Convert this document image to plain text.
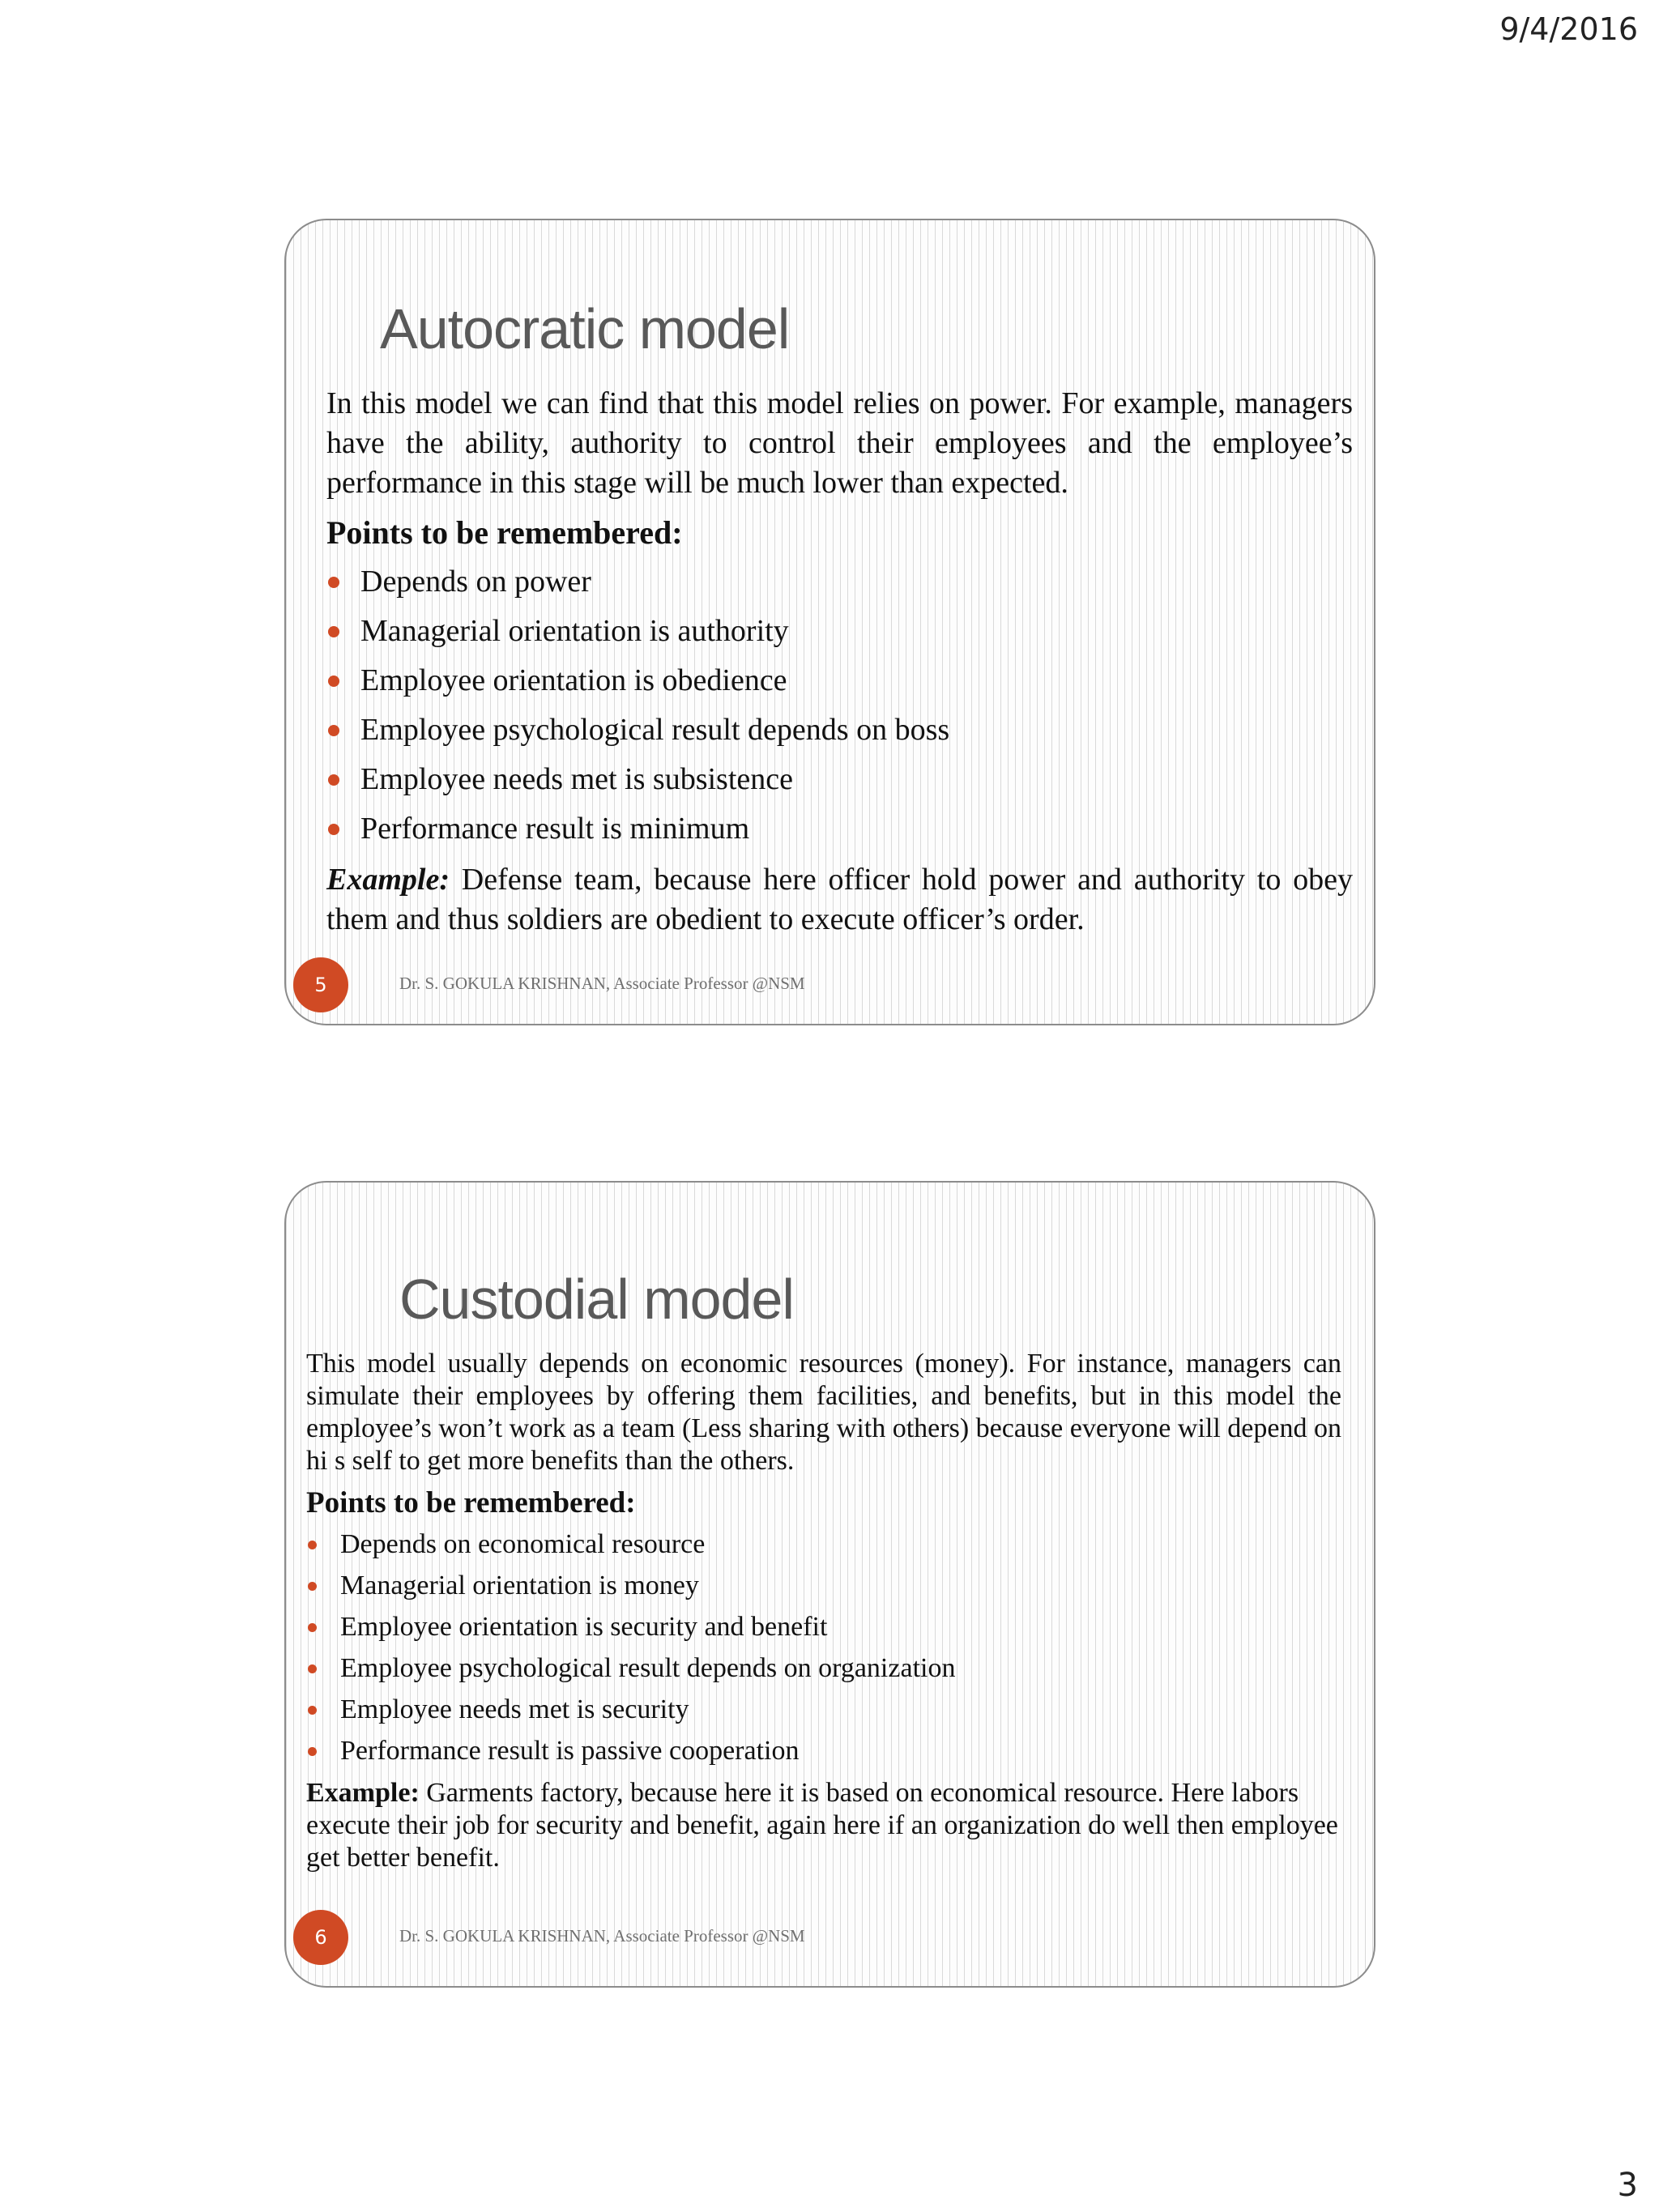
9/4/2016
Autocratic model

In this model we can find that this model relies on power. For example, managers have the ability, authority to control their employees and the employee’s performance in this stage will be much lower than expected.

Points to be remembered:

Depends on power
Managerial orientation is authority
Employee orientation is obedience
Employee psychological result depends on boss
Employee needs met is subsistence
Performance result is minimum

Example: Defense team, because here officer hold power and authority to obey them and thus soldiers are obedient to execute officer’s order.

5	Dr. S. GOKULA KRISHNAN, Associate Professor @NSM
Custodial model

This model usually depends on economic resources (money). For instance, managers can simulate their employees by offering them facilities, and benefits, but in this model the employee’s won’t work as a team (Less sharing with others) because everyone will depend on hi s self to get more benefits than the others.

Points to be remembered:

Depends on economical resource
Managerial orientation is money
Employee orientation is security and benefit
Employee psychological result depends on organization
Employee needs met is security
Performance result is passive cooperation

Example: Garments factory, because here it is based on economical resource. Here labors execute their job for security and benefit, again here if an organization do well then employee get better benefit.

6	Dr. S. GOKULA KRISHNAN, Associate Professor @NSM
3
